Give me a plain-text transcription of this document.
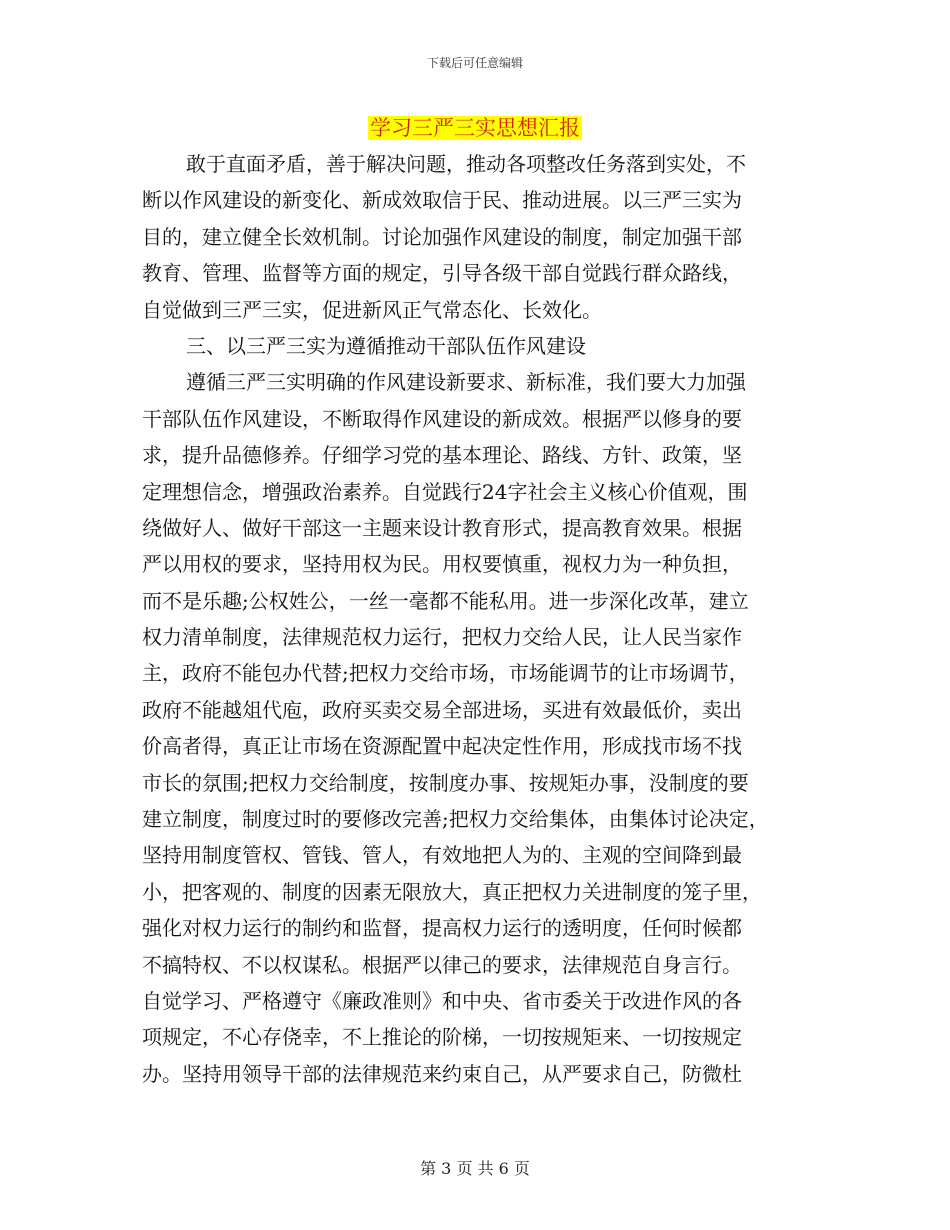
下载后可任意编辑
学习三严三实思想汇报
敢于直面矛盾，善于解决问题，推动各项整改任务落到实处，不
断以作风建设的新变化、新成效取信于民、推动进展。以三严三实为
目的，建立健全长效机制。讨论加强作风建设的制度，制定加强干部
教育、管理、监督等方面的规定，引导各级干部自觉践行群众路线，
自觉做到三严三实，促进新风正气常态化、长效化。
三、以三严三实为遵循推动干部队伍作风建设
遵循三严三实明确的作风建设新要求、新标准，我们要大力加强
干部队伍作风建设，不断取得作风建设的新成效。根据严以修身的要
求，提升品德修养。仔细学习党的基本理论、路线、方针、政策，坚
定理想信念，增强政治素养。自觉践行24字社会主义核心价值观，围
绕做好人、做好干部这一主题来设计教育形式，提高教育效果。根据
严以用权的要求，坚持用权为民。用权要慎重，视权力为一种负担，
而不是乐趣;公权姓公，一丝一毫都不能私用。进一步深化改革，建立
权力清单制度，法律规范权力运行，把权力交给人民，让人民当家作
主，政府不能包办代替;把权力交给市场，市场能调节的让市场调节，
政府不能越俎代庖，政府买卖交易全部进场，买进有效最低价，卖出
价高者得，真正让市场在资源配置中起决定性作用，形成找市场不找
市长的氛围;把权力交给制度，按制度办事、按规矩办事，没制度的要
建立制度，制度过时的要修改完善;把权力交给集体，由集体讨论决定，
坚持用制度管权、管钱、管人，有效地把人为的、主观的空间降到最
小，把客观的、制度的因素无限放大，真正把权力关进制度的笼子里，
强化对权力运行的制约和监督，提高权力运行的透明度，任何时候都
不搞特权、不以权谋私。根据严以律己的要求，法律规范自身言行。
自觉学习、严格遵守《廉政准则》和中央、省市委关于改进作风的各
项规定，不心存侥幸，不上推论的阶梯，一切按规矩来、一切按规定
办。坚持用领导干部的法律规范来约束自己，从严要求自己，防微杜
第 3 页 共 6 页
